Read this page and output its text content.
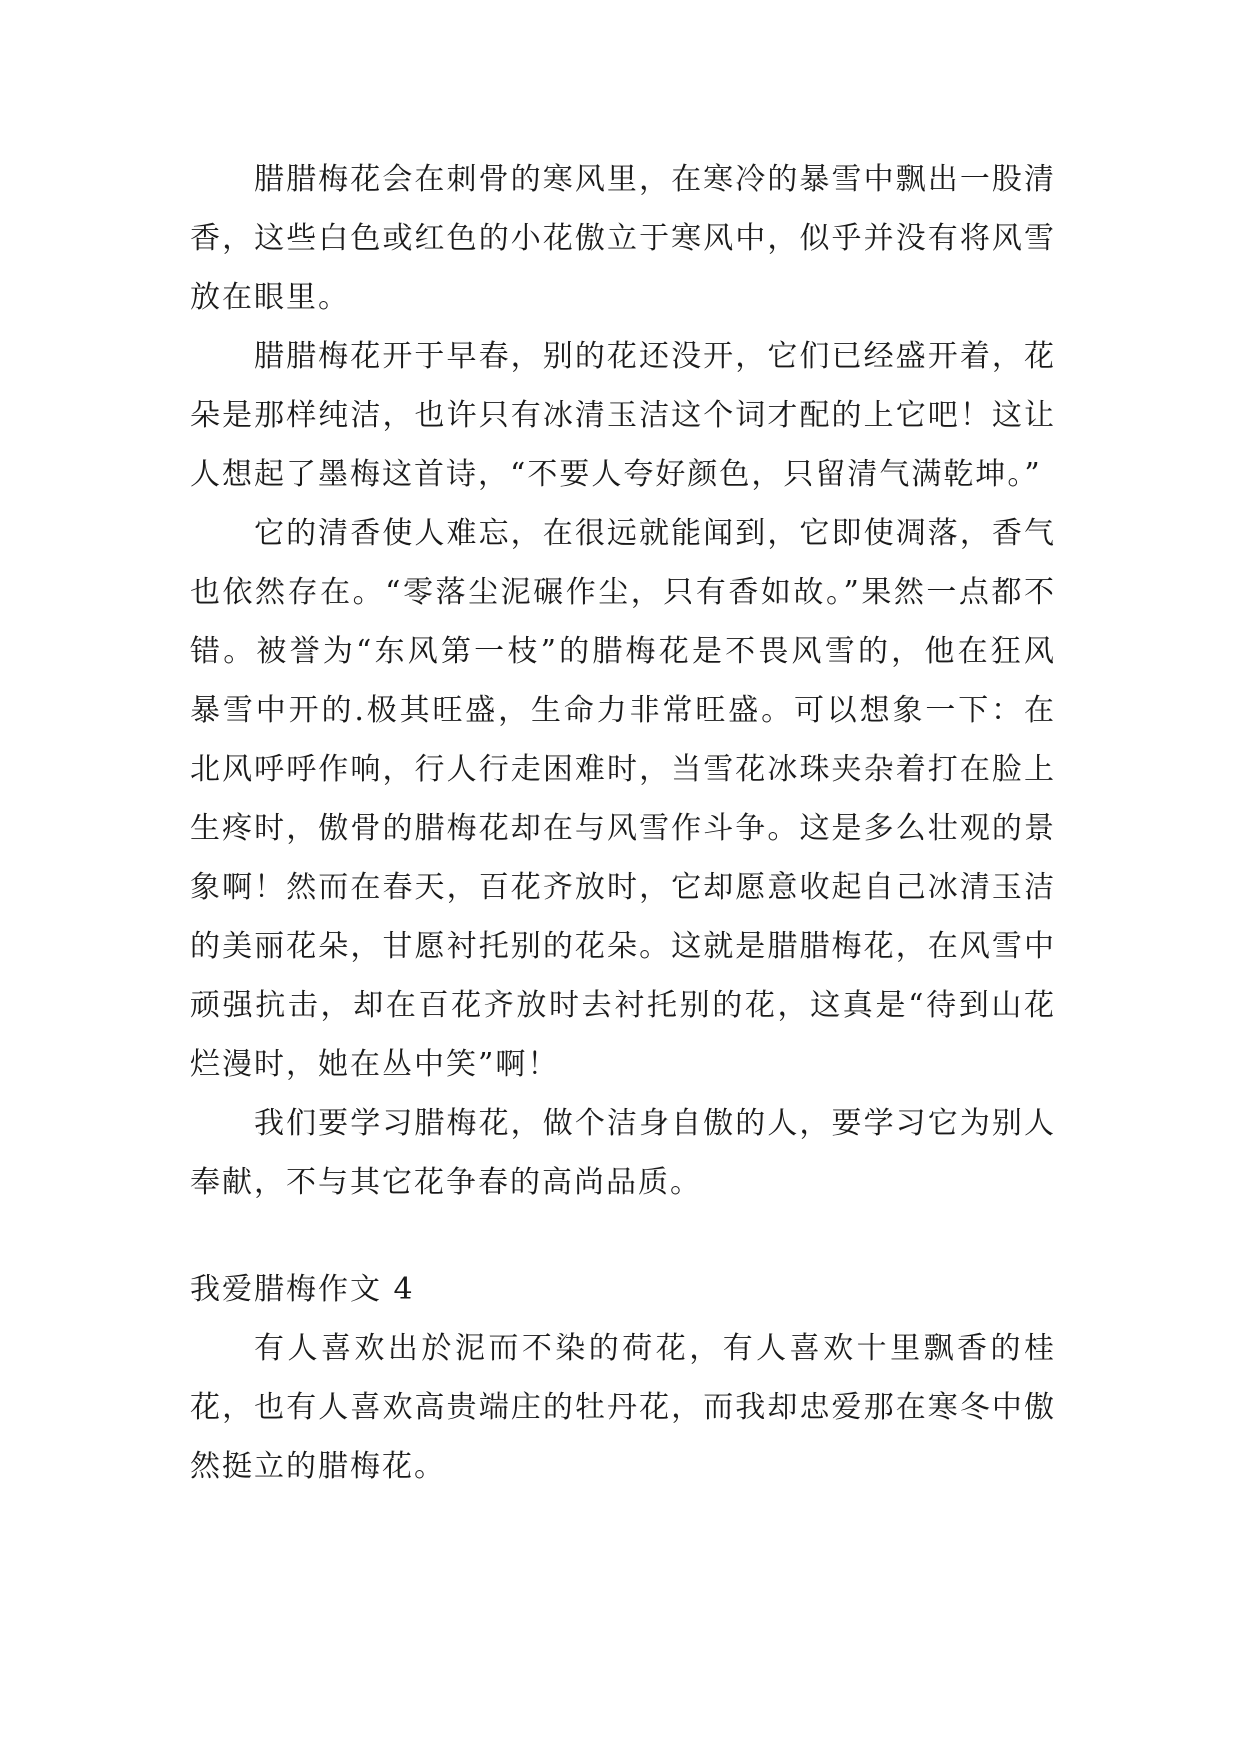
腊腊梅花会在刺骨的寒风里，在寒冷的暴雪中飘出一股清香，这些白色或红色的小花傲立于寒风中，似乎并没有将风雪放在眼里。

腊腊梅花开于早春，别的花还没开，它们已经盛开着，花朵是那样纯洁，也许只有冰清玉洁这个词才配的上它吧！这让人想起了墨梅这首诗，“不要人夸好颜色，只留清气满乾坤。”

它的清香使人难忘，在很远就能闻到，它即使凋落，香气也依然存在。“零落尘泥碾作尘，只有香如故。”果然一点都不错。被誉为“东风第一枝”的腊梅花是不畏风雪的，他在狂风暴雪中开的.极其旺盛，生命力非常旺盛。可以想象一下：在北风呼呼作响，行人行走困难时，当雪花冰珠夹杂着打在脸上生疼时，傲骨的腊梅花却在与风雪作斗争。这是多么壮观的景象啊！然而在春天，百花齐放时，它却愿意收起自己冰清玉洁的美丽花朵，甘愿衬托别的花朵。这就是腊腊梅花，在风雪中顽强抗击，却在百花齐放时去衬托别的花，这真是“待到山花烂漫时，她在丛中笑”啊！

我们要学习腊梅花，做个洁身自傲的人，要学习它为别人奉献，不与其它花争春的高尚品质。

我爱腊梅作文 4

有人喜欢出於泥而不染的荷花，有人喜欢十里飘香的桂花，也有人喜欢高贵端庄的牡丹花，而我却忠爱那在寒冬中傲然挺立的腊梅花。
